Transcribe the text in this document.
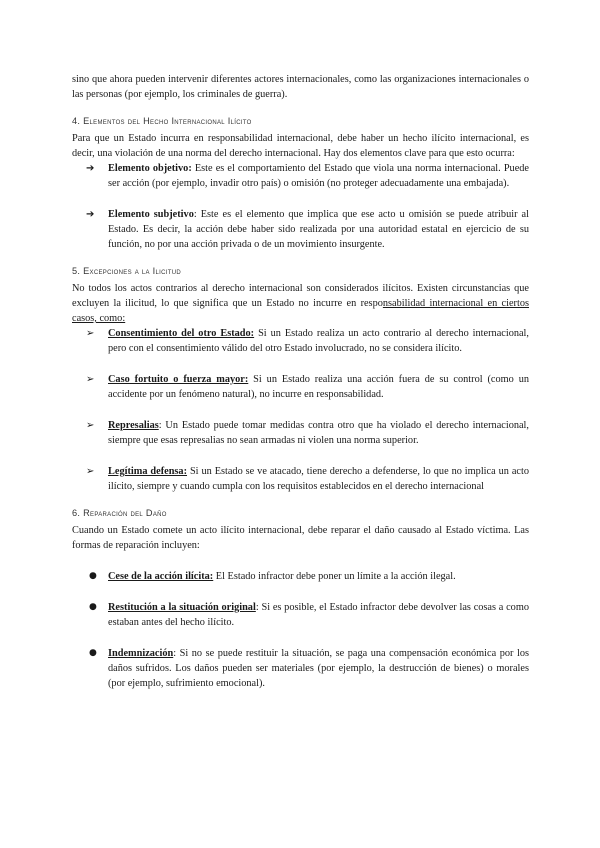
sino que ahora pueden intervenir diferentes actores internacionales, como las organizaciones internacionales o las personas (por ejemplo, los criminales de guerra).

4. Elementos del Hecho Internacional Ilícito

Para que un Estado incurra en responsabilidad internacional, debe haber un hecho ilícito internacional, es decir, una violación de una norma del derecho internacional. Hay dos elementos clave para que esto ocurra:

➔	Elemento objetivo: Este es el comportamiento del Estado que viola una norma internacional. Puede ser acción (por ejemplo, invadir otro país) o omisión (no proteger adecuadamente una embajada).
➔	Elemento subjetivo: Este es el elemento que implica que ese acto u omisión se puede atribuir al Estado. Es decir, la acción debe haber sido realizada por una autoridad estatal en ejercicio de su función, no por una acción privada o de un movimiento insurgente.
5. Excepciones a la Ilicitud

No todos los actos contrarios al derecho internacional son considerados ilícitos. Existen circunstancias que excluyen la ilicitud, lo que significa que un Estado no incurre en responsabilidad internacional en ciertos casos, como:

➢	Consentimiento del otro Estado: Si un Estado realiza un acto contrario al derecho internacional, pero con el consentimiento válido del otro Estado involucrado, no se considera ilícito.
➢	Caso fortuito o fuerza mayor: Si un Estado realiza una acción fuera de su control (como un accidente por un fenómeno natural), no incurre en responsabilidad.
➢	Represalias: Un Estado puede tomar medidas contra otro que ha violado el derecho internacional, siempre que esas represalias no sean armadas ni violen una norma superior.
➢	Legítima defensa: Si un Estado se ve atacado, tiene derecho a defenderse, lo que no implica un acto ilícito, siempre y cuando cumpla con los requisitos establecidos en el derecho internacional
6. Reparación del Daño

Cuando un Estado comete un acto ilícito internacional, debe reparar el daño causado al Estado víctima. Las formas de reparación incluyen:

● Cese de la acción ilícita: El Estado infractor debe poner un límite a la acción ilegal.
● Restitución a la situación original: Si es posible, el Estado infractor debe devolver las cosas a como estaban antes del hecho ilícito.
● Indemnización: Si no se puede restituir la situación, se paga una compensación económica por los daños sufridos. Los daños pueden ser materiales (por ejemplo, la destrucción de bienes) o morales (por ejemplo, sufrimiento emocional).
